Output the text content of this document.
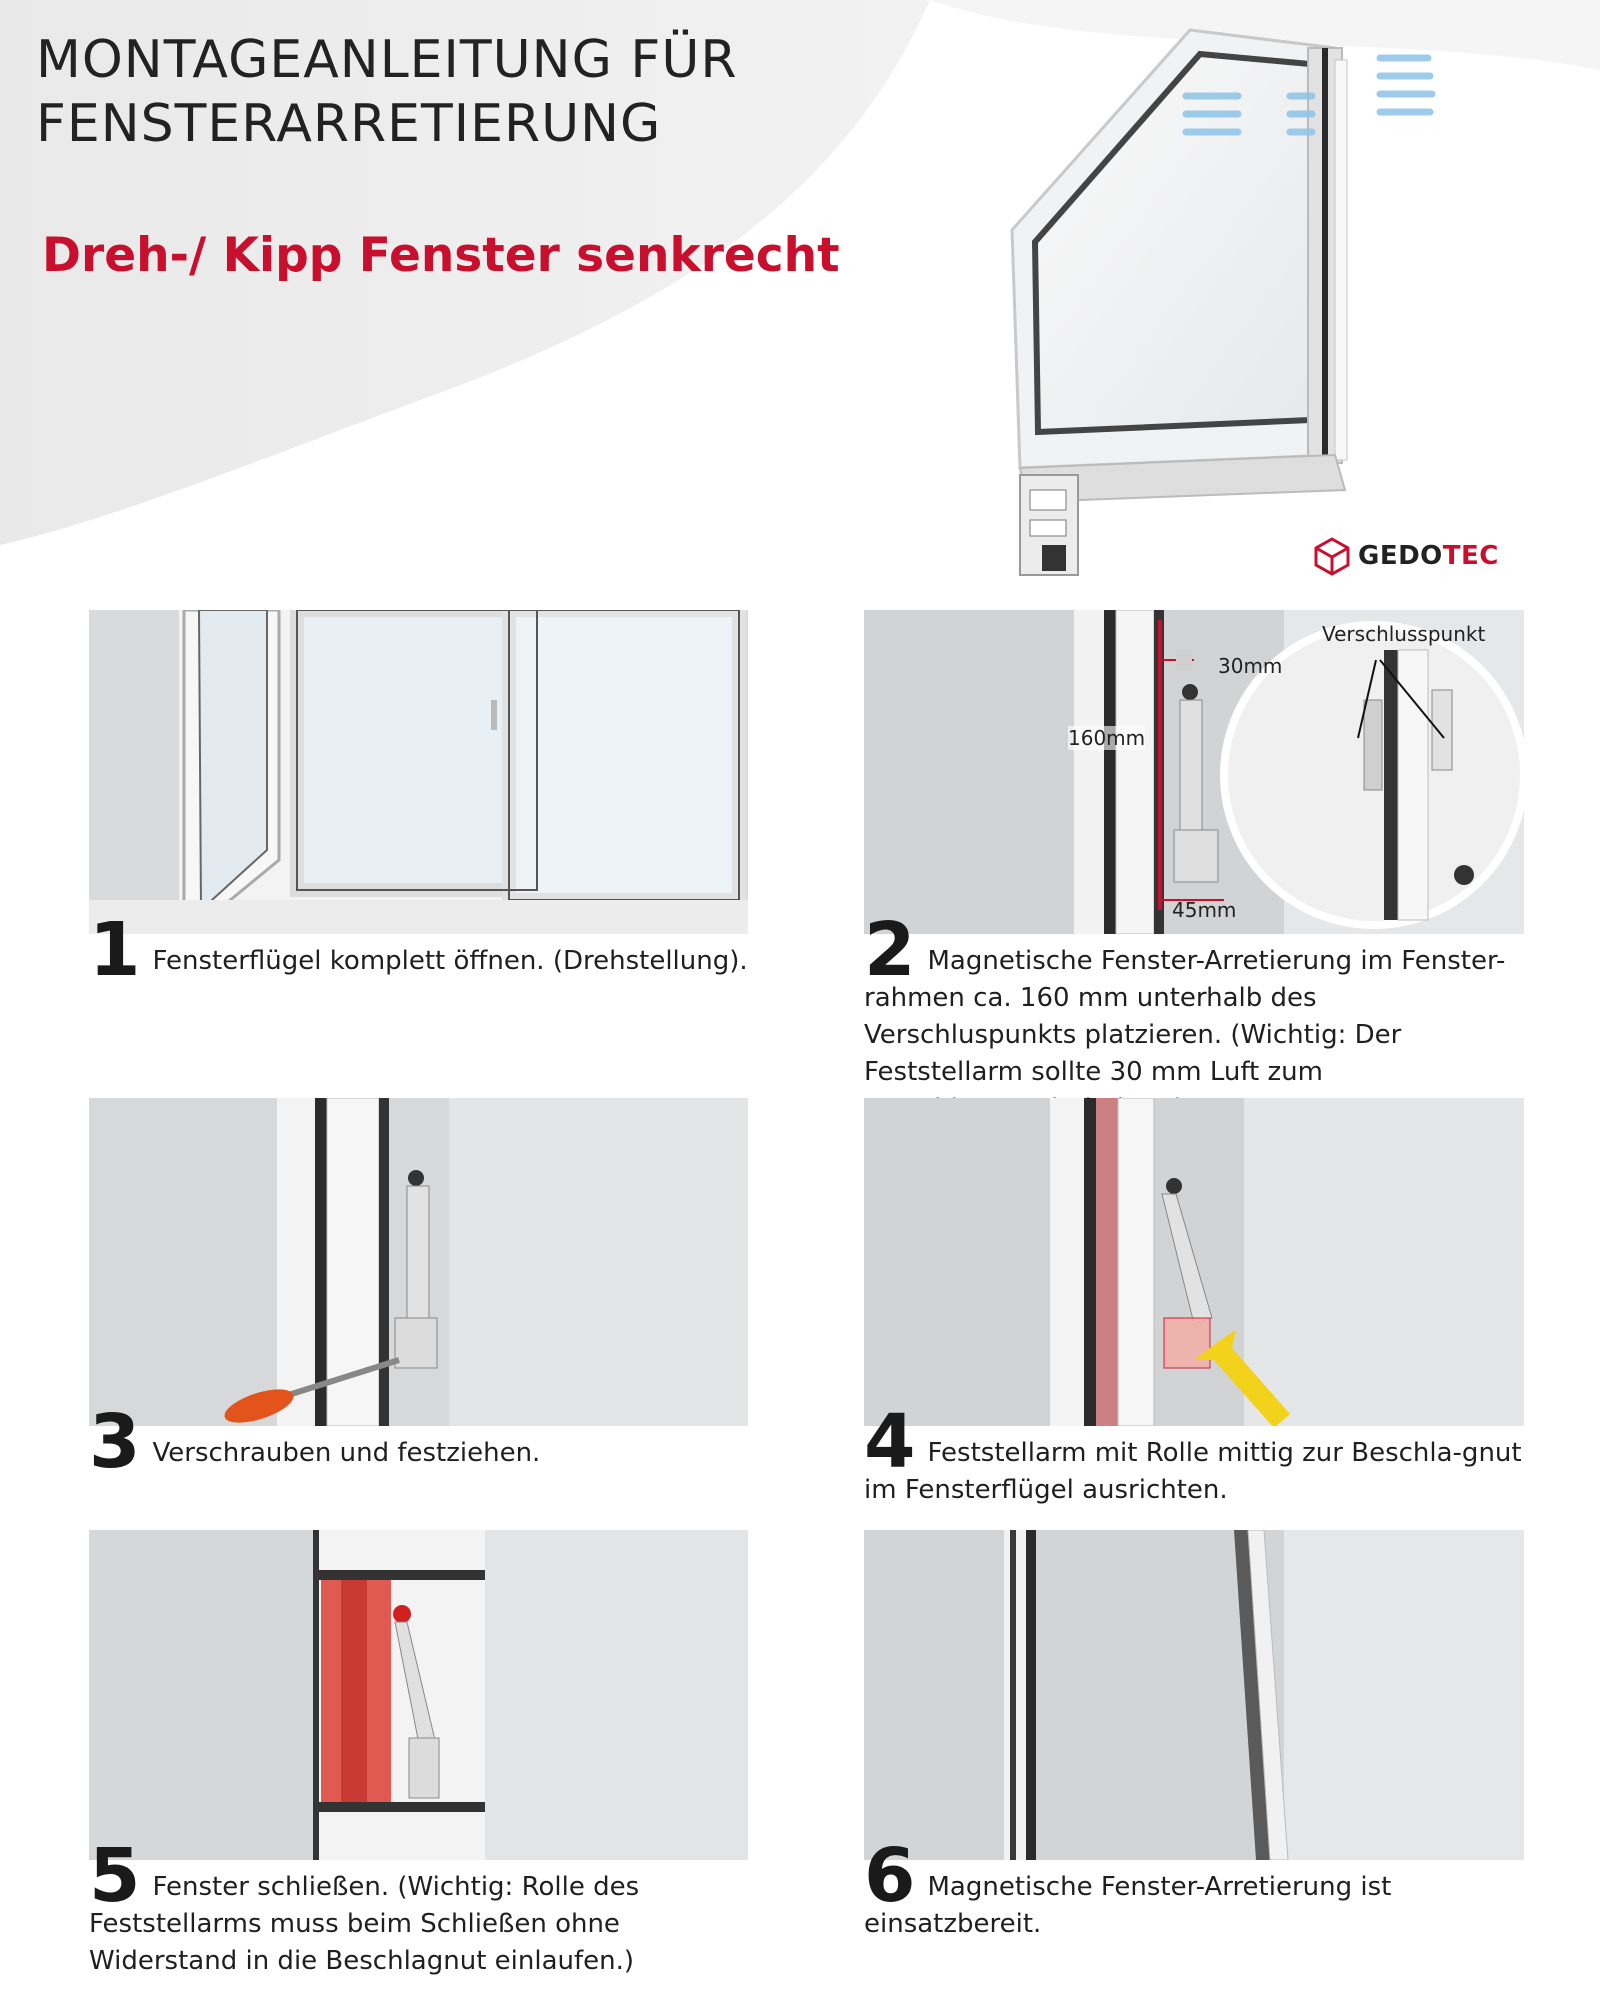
MONTAGEANLEITUNG FÜR
FENSTERARRETIERUNG

Dreh-/ Kipp Fenster senkrecht

GEDOTEC
1 Fensterflügel komplett öffnen. (Drehstellung).
Verschlusspunkt
30mm
160mm
45mm
2 Magnetische Fenster-Arretierung im Fenster-rahmen ca. 160 mm unterhalb des Verschluspunkts platzieren. (Wichtig: Der Feststellarm sollte 30 mm Luft zum
3 Verschrauben und festziehen.	4 Feststellarm mit Rolle mittig zur Beschla-gnut im Fensterflügel ausrichten.
5 Fenster schließen. (Wichtig: Rolle des Feststellarms muss beim Schließen ohne Widerstand in die Beschlagnut einlaufen.)
6 Magnetische Fenster-Arretierung ist einsatzbereit.
